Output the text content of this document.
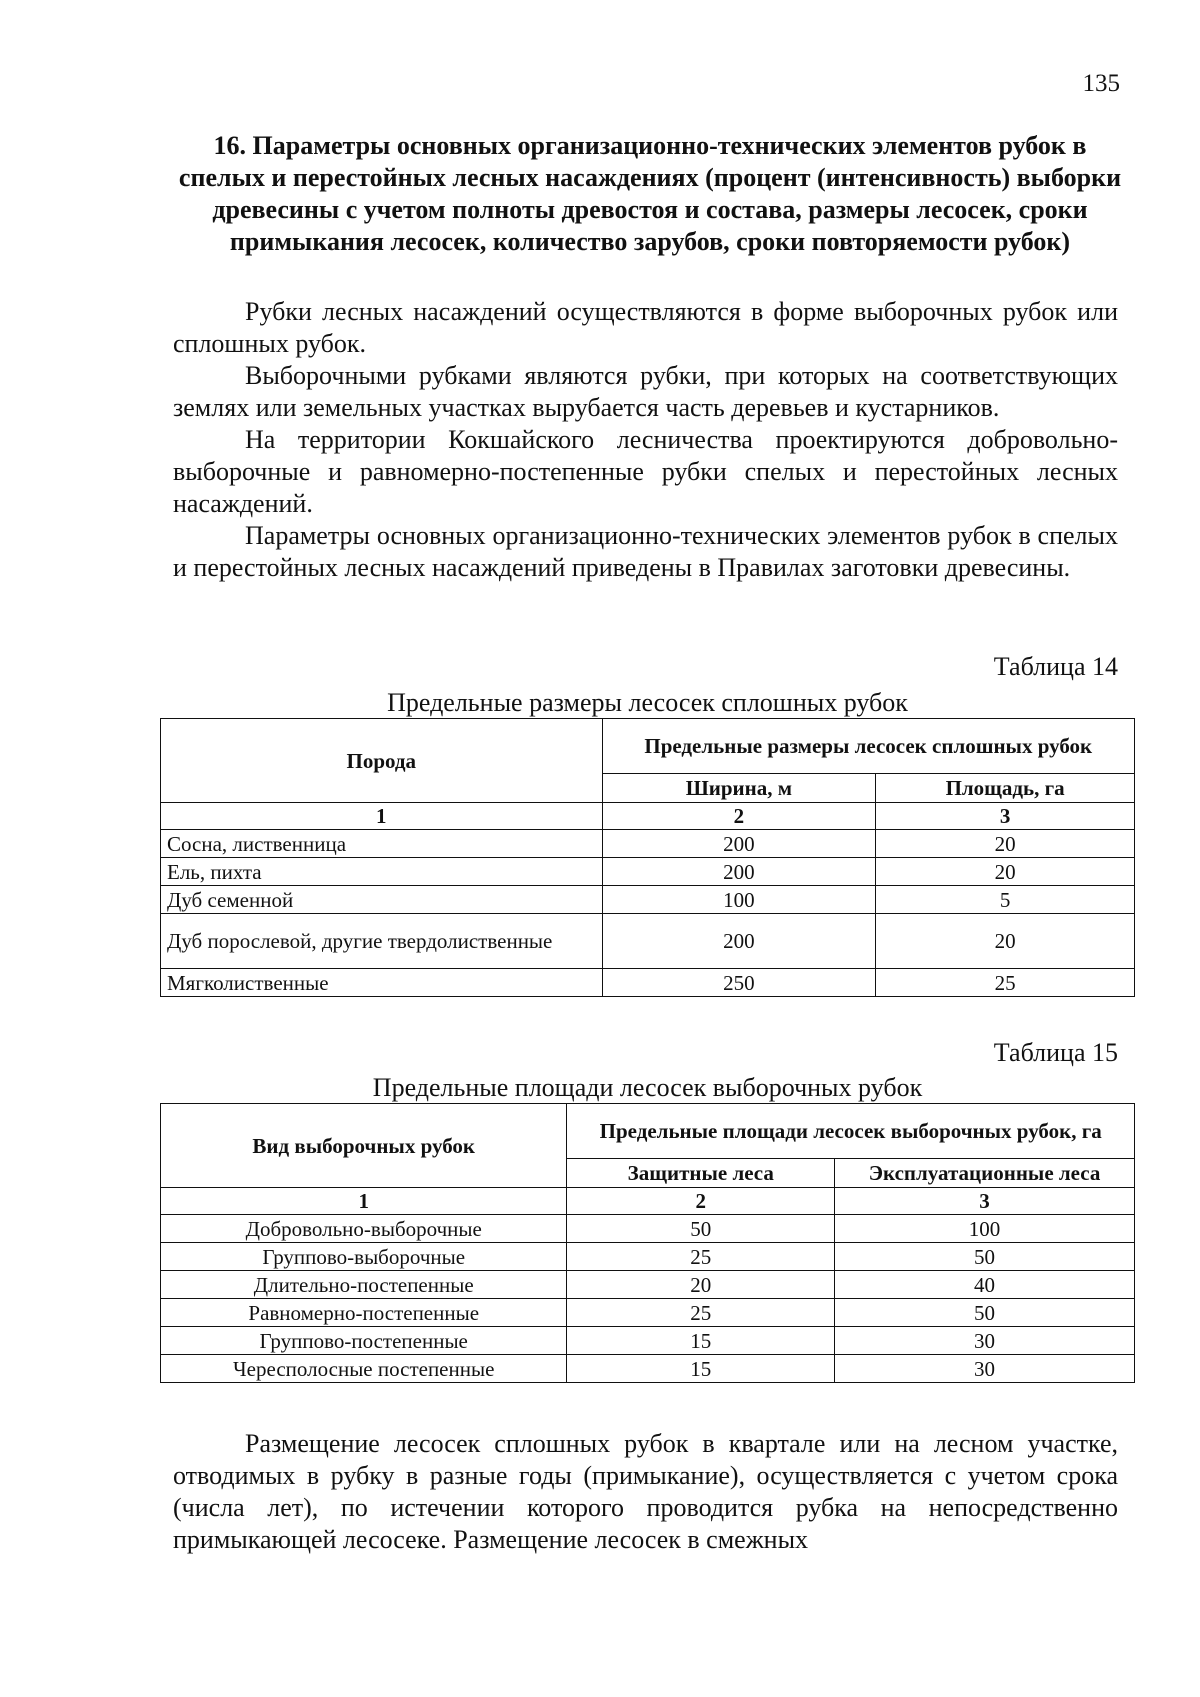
135
16. Параметры основных организационно-технических элементов рубок в спелых и перестойных лесных насаждениях (процент (интенсивность) выборки древесины с учетом полноты древостоя и состава, размеры лесосек, сроки примыкания лесосек, количество зарубов, сроки повторяемости рубок)

Рубки лесных насаждений осуществляются в форме выборочных рубок или сплошных рубок.

Выборочными рубками являются рубки, при которых на соответствующих землях или земельных участках вырубается часть деревьев и кустарников.

На территории Кокшайского лесничества проектируются добровольно-выборочные и равномерно-постепенные рубки спелых и перестойных лесных насаждений.

Параметры основных организационно-технических элементов рубок в спелых и перестойных лесных насаждений приведены в Правилах заготовки древесины.

Таблица 14
Предельные размеры лесосек сплошных рубок
Порода	Предельные размеры лесосек сплошных рубок	
	Ширина, м	Площадь, га
1	2	3
Сосна, лиственница	200	20
Ель, пихта	200	20
Дуб семенной	100	5
Дуб порослевой, другие твердолиственные	200	20
Мягколиственные	250	25
Таблица 15
Предельные площади лесосек выборочных рубок
Вид выборочных рубок	Предельные площади лесосек выборочных рубок, га	
	Защитные леса	Эксплуатационные леса
1	2	3
Добровольно-выборочные	50	100
Группово-выборочные	25	50
Длительно-постепенные	20	40
Равномерно-постепенные	25	50
Группово-постепенные	15	30
Чересполосные постепенные	15	30

Размещение лесосек сплошных рубок в квартале или на лесном участке, отводимых в рубку в разные годы (примыкание), осуществляется с учетом срока (числа лет), по истечении которого проводится рубка на непосредственно примыкающей лесосеке. Размещение лесосек в смежных
